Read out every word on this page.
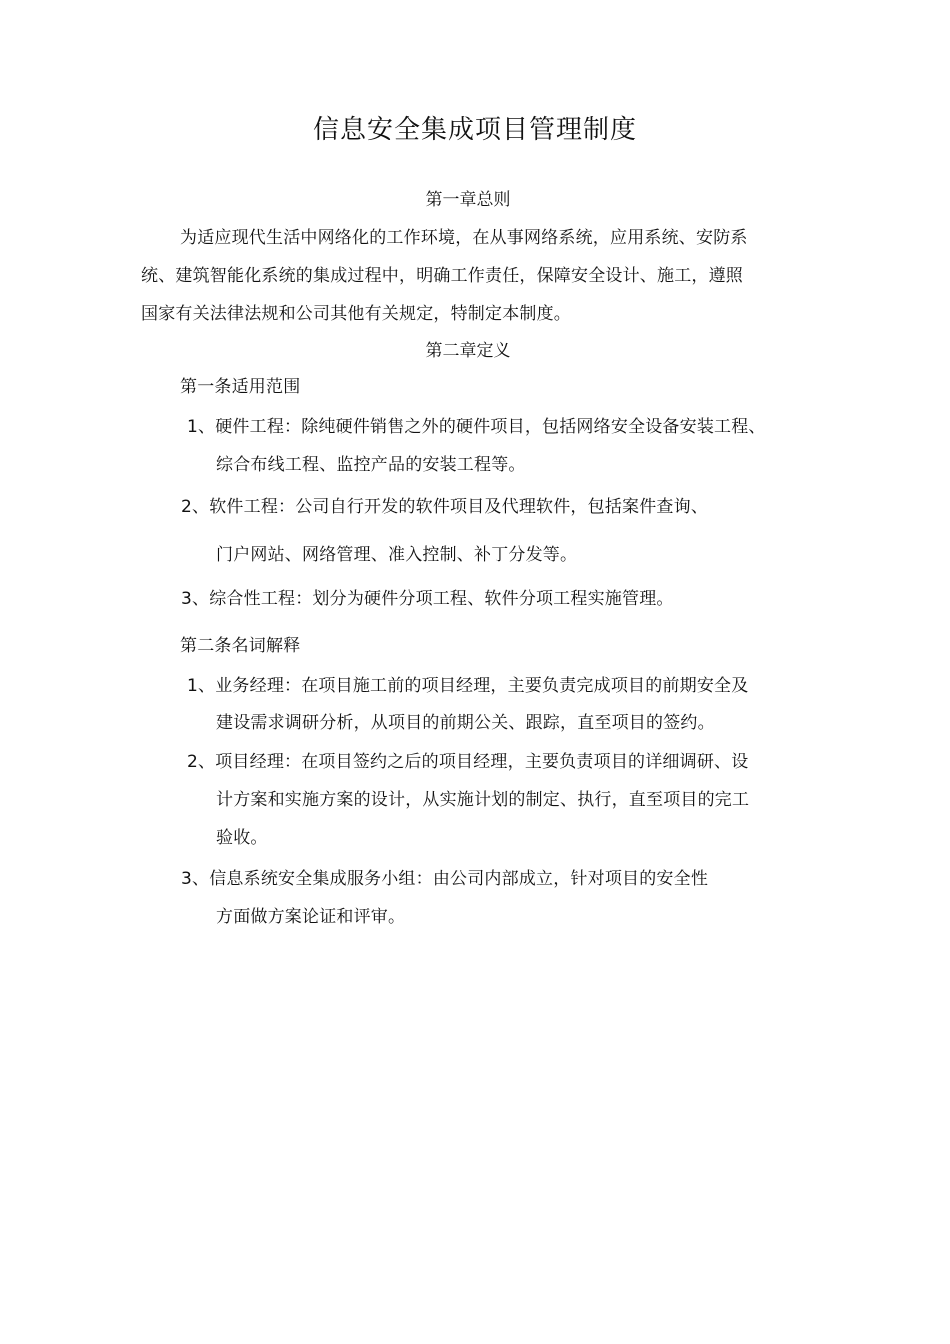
信息安全集成项目管理制度
第一章总则
为适应现代生活中网络化的工作环境，在从事网络系统，应用系统、安防系
统、建筑智能化系统的集成过程中，明确工作责任，保障安全设计、施工，遵照
国家有关法律法规和公司其他有关规定，特制定本制度。
第二章定义
第一条适用范围
1、硬件工程：除纯硬件销售之外的硬件项目，包括网络安全设备安装工程、
综合布线工程、监控产品的安装工程等。
2、软件工程：公司自行开发的软件项目及代理软件，包括案件查询、
门户网站、网络管理、准入控制、补丁分发等。
3、综合性工程：划分为硬件分项工程、软件分项工程实施管理。
第二条名词解释
1、业务经理：在项目施工前的项目经理，主要负责完成项目的前期安全及
建设需求调研分析，从项目的前期公关、跟踪，直至项目的签约。
2、项目经理：在项目签约之后的项目经理，主要负责项目的详细调研、设
计方案和实施方案的设计，从实施计划的制定、执行，直至项目的完工
验收。
3、信息系统安全集成服务小组：由公司内部成立，针对项目的安全性
方面做方案论证和评审。
